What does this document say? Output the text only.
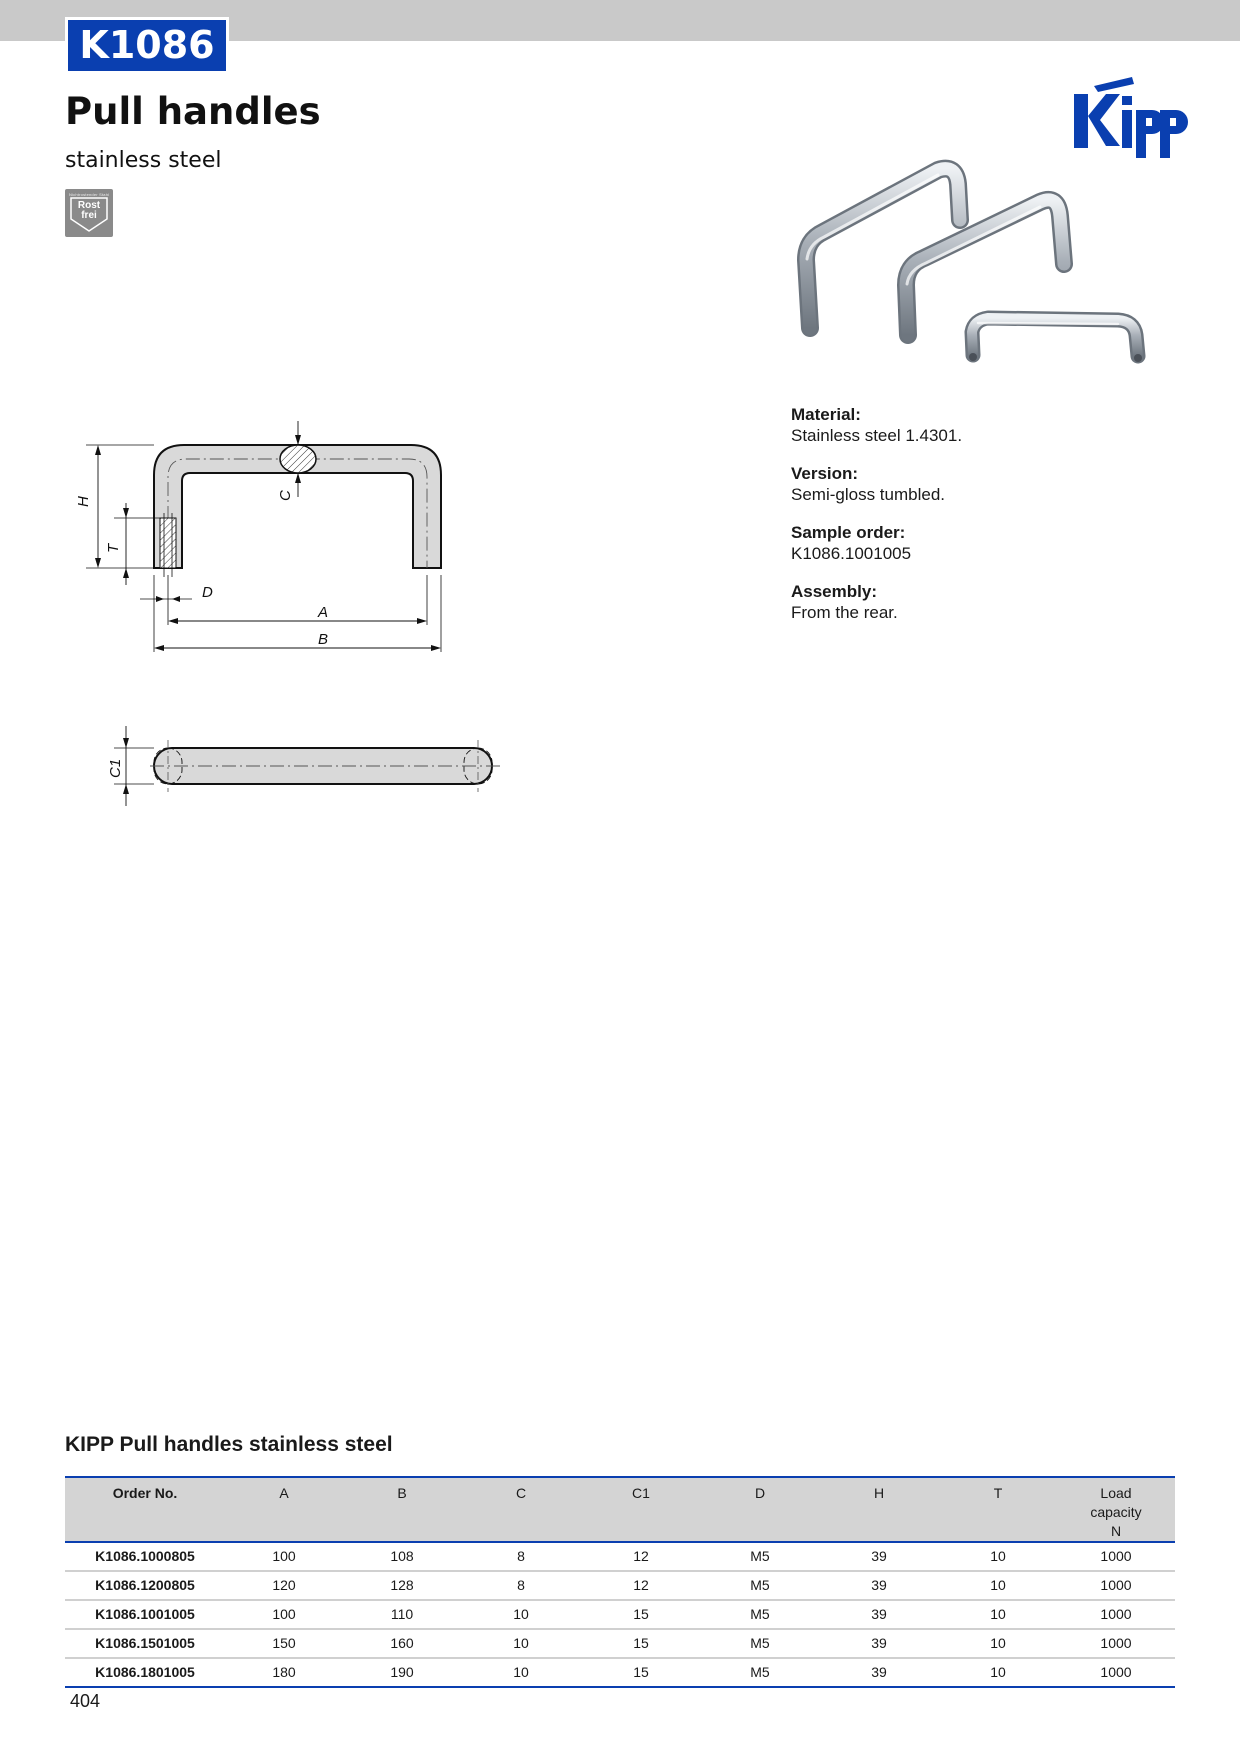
K1086
Pull handles
stainless steel
Nichtrostender Stahl
Rost
frei
Material:
Stainless steel 1.4301.
Version:
Semi-gloss tumbled.
Sample order:
K1086.1001005
Assembly:
From the rear.
H
T
C
D
A
B
C1
KIPP Pull handles stainless steel
Order No.	A	B	C	C1	D	H	T	Load
capacity
N
K1086.1000805	100	108	8	12	M5	39	10	1000
K1086.1200805	120	128	8	12	M5	39	10	1000
K1086.1001005	100	110	10	15	M5	39	10	1000
K1086.1501005	150	160	10	15	M5	39	10	1000
K1086.1801005	180	190	10	15	M5	39	10	1000
404
